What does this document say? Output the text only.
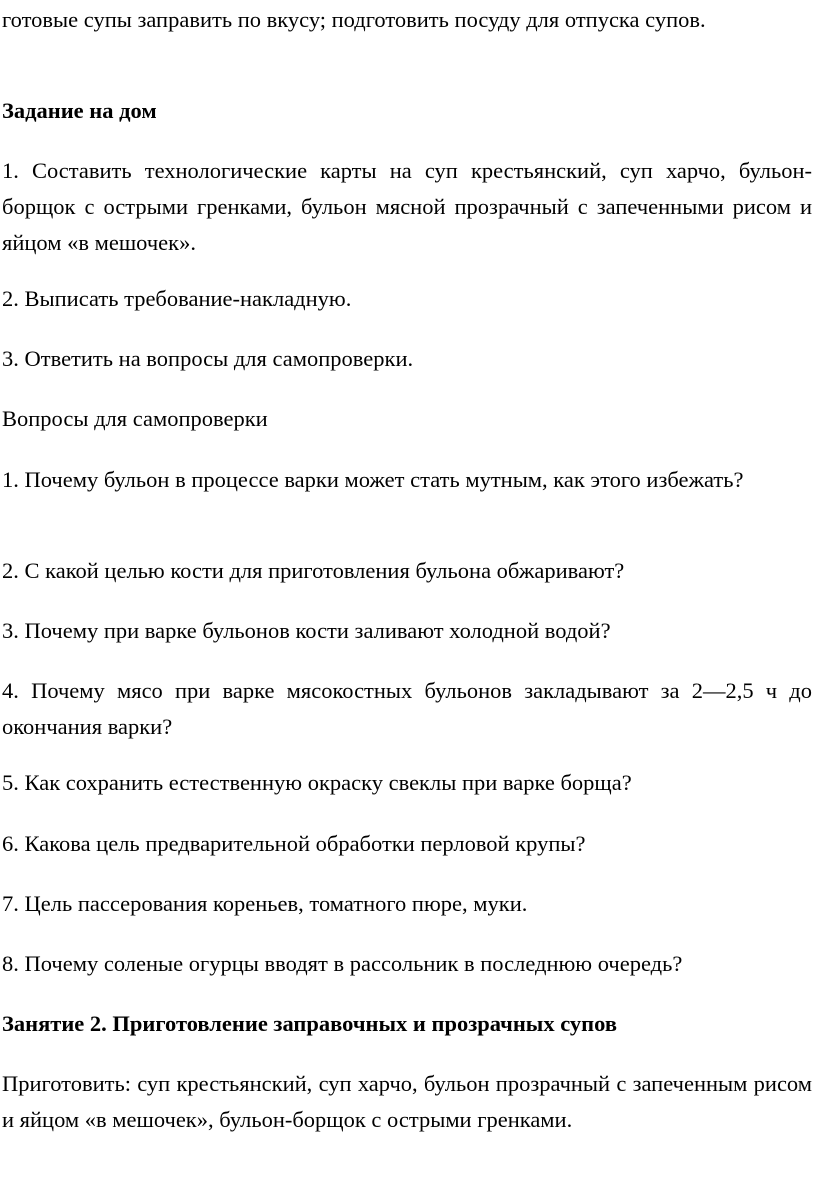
готовые супы заправить по вкусу; подготовить посуду для отпуска супов.

Задание на дом

1. Составить технологические карты на суп крестьянский, суп харчо, бульон-борщок с острыми гренками, бульон мясной прозрачный с запеченными рисом и яйцом «в мешочек».

2. Выписать требование-накладную.

3. Ответить на вопросы для самопроверки.

Вопросы для самопроверки

1. Почему бульон в процессе варки может стать мутным, как этого избежать?

2. С какой целью кости для приготовления бульона обжаривают?

3. Почему при варке бульонов кости заливают холодной водой?

4. Почему мясо при варке мясокостных бульонов закладывают за 2—2,5 ч до окончания варки?

5. Как сохранить естественную окраску свеклы при варке борща?

6. Какова цель предварительной обработки перловой крупы?

7. Цель пассерования кореньев, томатного пюре, муки.

8. Почему соленые огурцы вводят в рассольник в последнюю очередь?

Занятие 2. Приготовление заправочных и прозрачных супов

Приготовить: суп крестьянский, суп харчо, бульон прозрачный с запеченным рисом и яйцом «в мешочек», бульон-борщок с острыми гренками.
